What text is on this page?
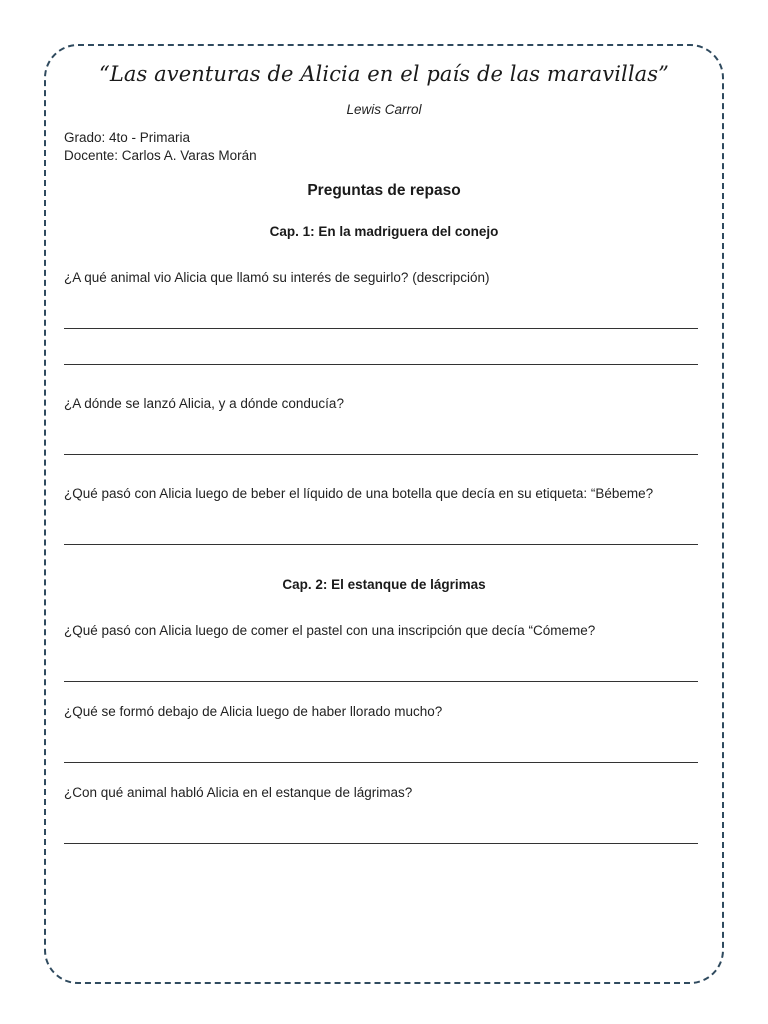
“Las aventuras de Alicia en el país de las maravillas”
Lewis Carrol
Grado: 4to - Primaria
Docente: Carlos A. Varas Morán
Preguntas de repaso
Cap. 1: En la madriguera del conejo
¿A qué animal vio Alicia que llamó su interés de seguirlo? (descripción)
¿A dónde se lanzó Alicia, y a dónde conducía?
¿Qué pasó con Alicia luego de beber el líquido de una botella que decía en su etiqueta: “Bébeme?
Cap. 2: El estanque de lágrimas
¿Qué pasó con Alicia luego de comer el pastel con una inscripción que decía “Cómeme?
¿Qué se formó debajo de Alicia luego de haber llorado mucho?
¿Con qué animal habló Alicia en el estanque de lágrimas?
